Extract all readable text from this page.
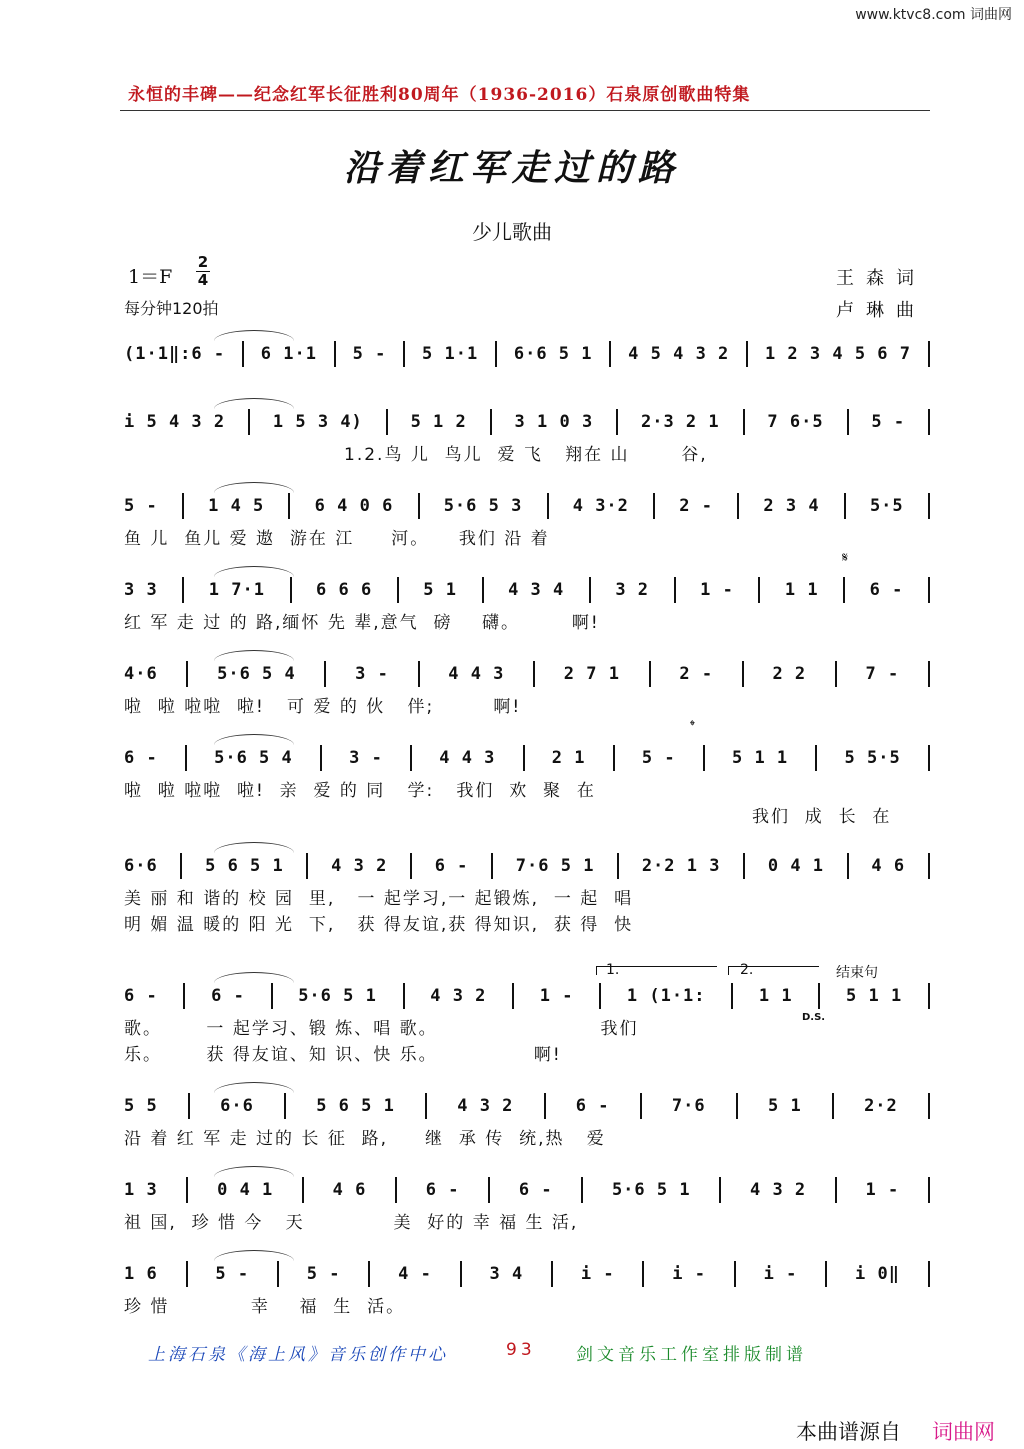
www.ktvc8.com 词曲网
永恒的丰碑——纪念红军长征胜利80周年（1936-2016）石泉原创歌曲特集
沿着红军走过的路
少儿歌曲
1＝F
2
4
每分钟120拍
王森词
卢琳曲
(1·1‖:6 - 6 1·1 5 - 5 1·1 6·6 5 1 4 5 4 3 2 1 2 3 4 5 6 7
i 5 4 3 2	1 5 3 4)	5 1 2	3 1 0 3	2·3 2 1	7 6·5	5 -
1.2.鸟 儿  鸟儿  爱 飞   翔在 山       谷,
5 -	1 4 5	6 4 0 6	5·6 5 3	4 3·2	2 -	2 3 4	5·5
鱼 儿  鱼儿 爱 遨  游在 江     河。    我们 沿 着
3 3	1 7·1	6 6 6	5 1	4 3 4	3 2	1 -	1 1	6 -
红 军 走 过 的 路,缅怀 先 辈,意气  磅    礴。       啊!
4·6	5·6 5 4	3 -	4 4 3	2 7 1	2 -	2 2	7 -
啦  啦 啦啦  啦!   可 爱 的 伙   伴;        啊!
6 -	5·6 5 4	3 -	4 4 3	2 1	5 -	5 1 1	5 5·5
啦  啦 啦啦  啦!  亲  爱 的 同   学:   我们  欢  聚  在
我们  成  长  在
6·6	5 6 5 1	4 3 2	6 -	7·6 5 1	2·2 1 3	0 4 1	4 6
美 丽 和 谐的 校 园  里,   一 起学习,一 起锻炼,  一 起  唱
明 媚 温 暖的 阳 光  下,   获 得友谊,获 得知识,  获 得  快
6 -	6 -	5·6 5 1	4 3 2	1 -	1 (1·1:	1 1	5 1 1
歌。      一 起学习、锻 炼、唱 歌。                      我们
乐。      获 得友谊、知 识、快 乐。             啊!
5 5	6·6	5 6 5 1	4 3 2	6 -	7·6	5 1	2·2
沿 着 红 军 走 过的 长 征  路,     继  承 传  统,热   爱
1 3	0 4 1	4 6	6 -	6 -	5·6 5 1	4 3 2	1 -
祖 国,  珍 惜 今   天            美  好的 幸 福 生 活,
1 6	5 -	5 -	4 -	3 4	i -	i -	i -	i 0‖
珍 惜           幸    福  生  活。
1.	2.	结束句
D.S.
𝄋
𝄌
上海石泉《海上风》音乐创作中心	93 剑文音乐工作室排版制谱
本曲谱源自 词曲网
